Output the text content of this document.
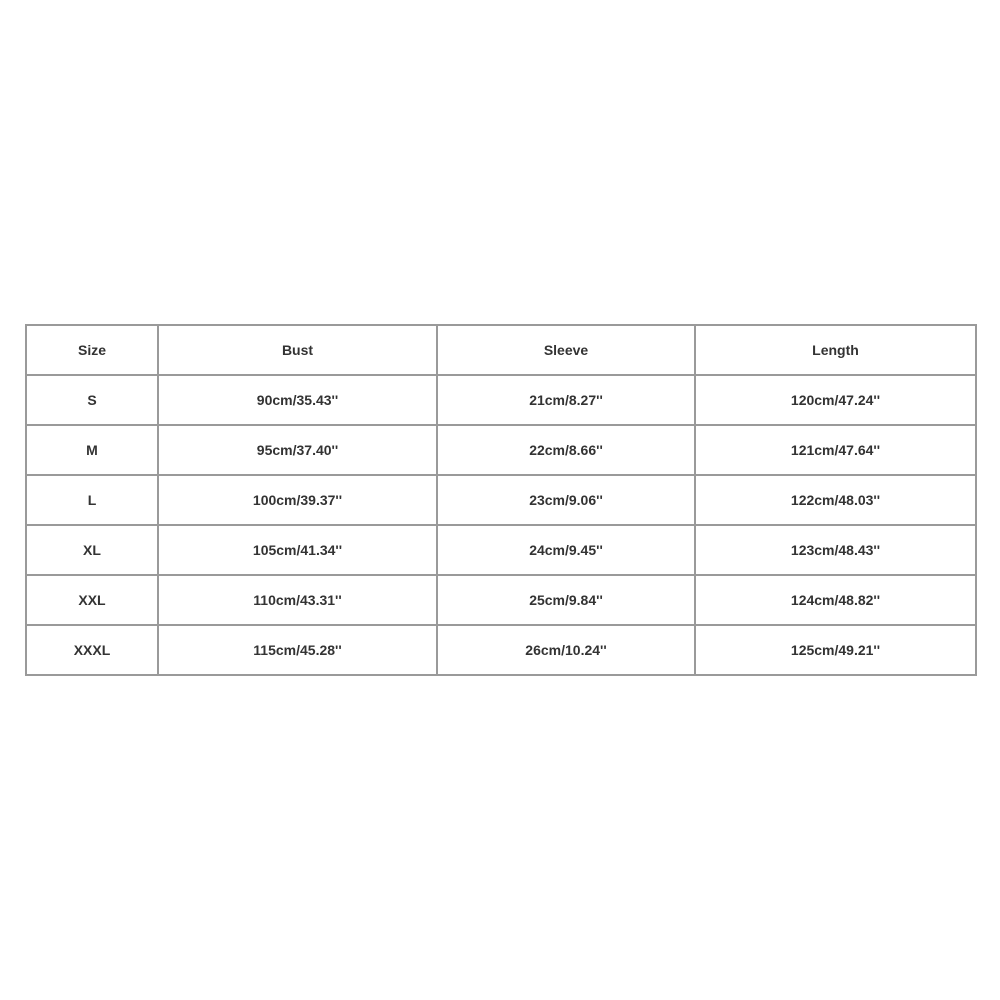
Size	Bust	Sleeve	Length
S	90cm/35.43''	21cm/8.27''	120cm/47.24''
M	95cm/37.40''	22cm/8.66''	121cm/47.64''
L	100cm/39.37''	23cm/9.06''	122cm/48.03''
XL	105cm/41.34''	24cm/9.45''	123cm/48.43''
XXL	110cm/43.31''	25cm/9.84''	124cm/48.82''
XXXL	115cm/45.28''	26cm/10.24''	125cm/49.21''
